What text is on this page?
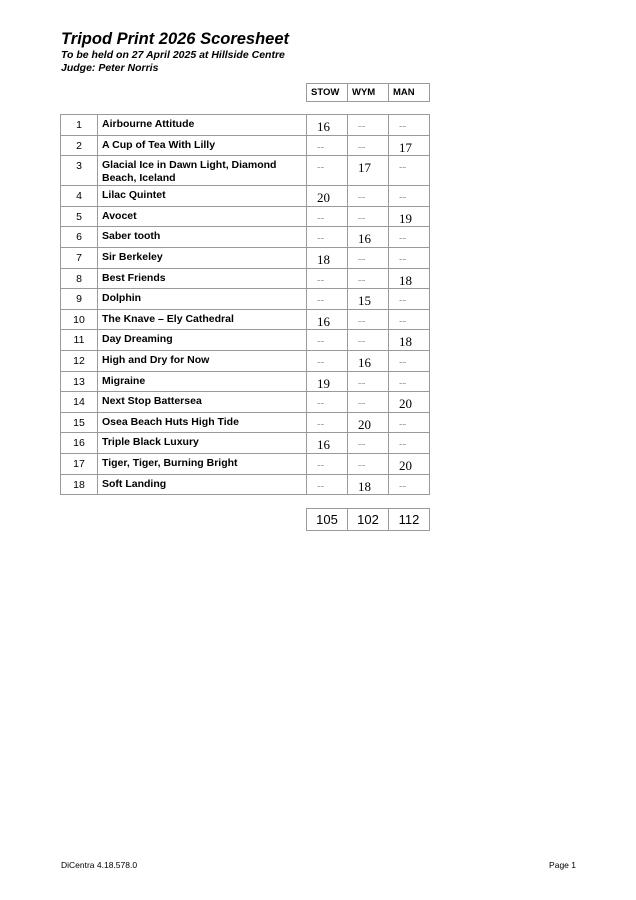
Tripod Print 2026 Scoresheet
To be held on 27 April 2025 at Hillside Centre
Judge: Peter Norris
STOW	WYM	MAN
1	Airbourne Attitude	16	--	--
2	A Cup of Tea With Lilly	--	--	17
3	Glacial Ice in Dawn Light, Diamond Beach, Iceland	--	17	--
4	Lilac Quintet	20	--	--
5	Avocet	--	--	19
6	Saber tooth	--	16	--
7	Sir Berkeley	18	--	--
8	Best Friends	--	--	18
9	Dolphin	--	15	--
10	The Knave – Ely Cathedral	16	--	--
11	Day Dreaming	--	--	18
12	High and Dry for Now	--	16	--
13	Migraine	19	--	--
14	Next Stop Battersea	--	--	20
15	Osea Beach Huts High Tide	--	20	--
16	Triple Black Luxury	16	--	--
17	Tiger, Tiger, Burning Bright	--	--	20
18	Soft Landing	--	18	--
105	102	112
DiCentra 4.18.578.0	Page 1
